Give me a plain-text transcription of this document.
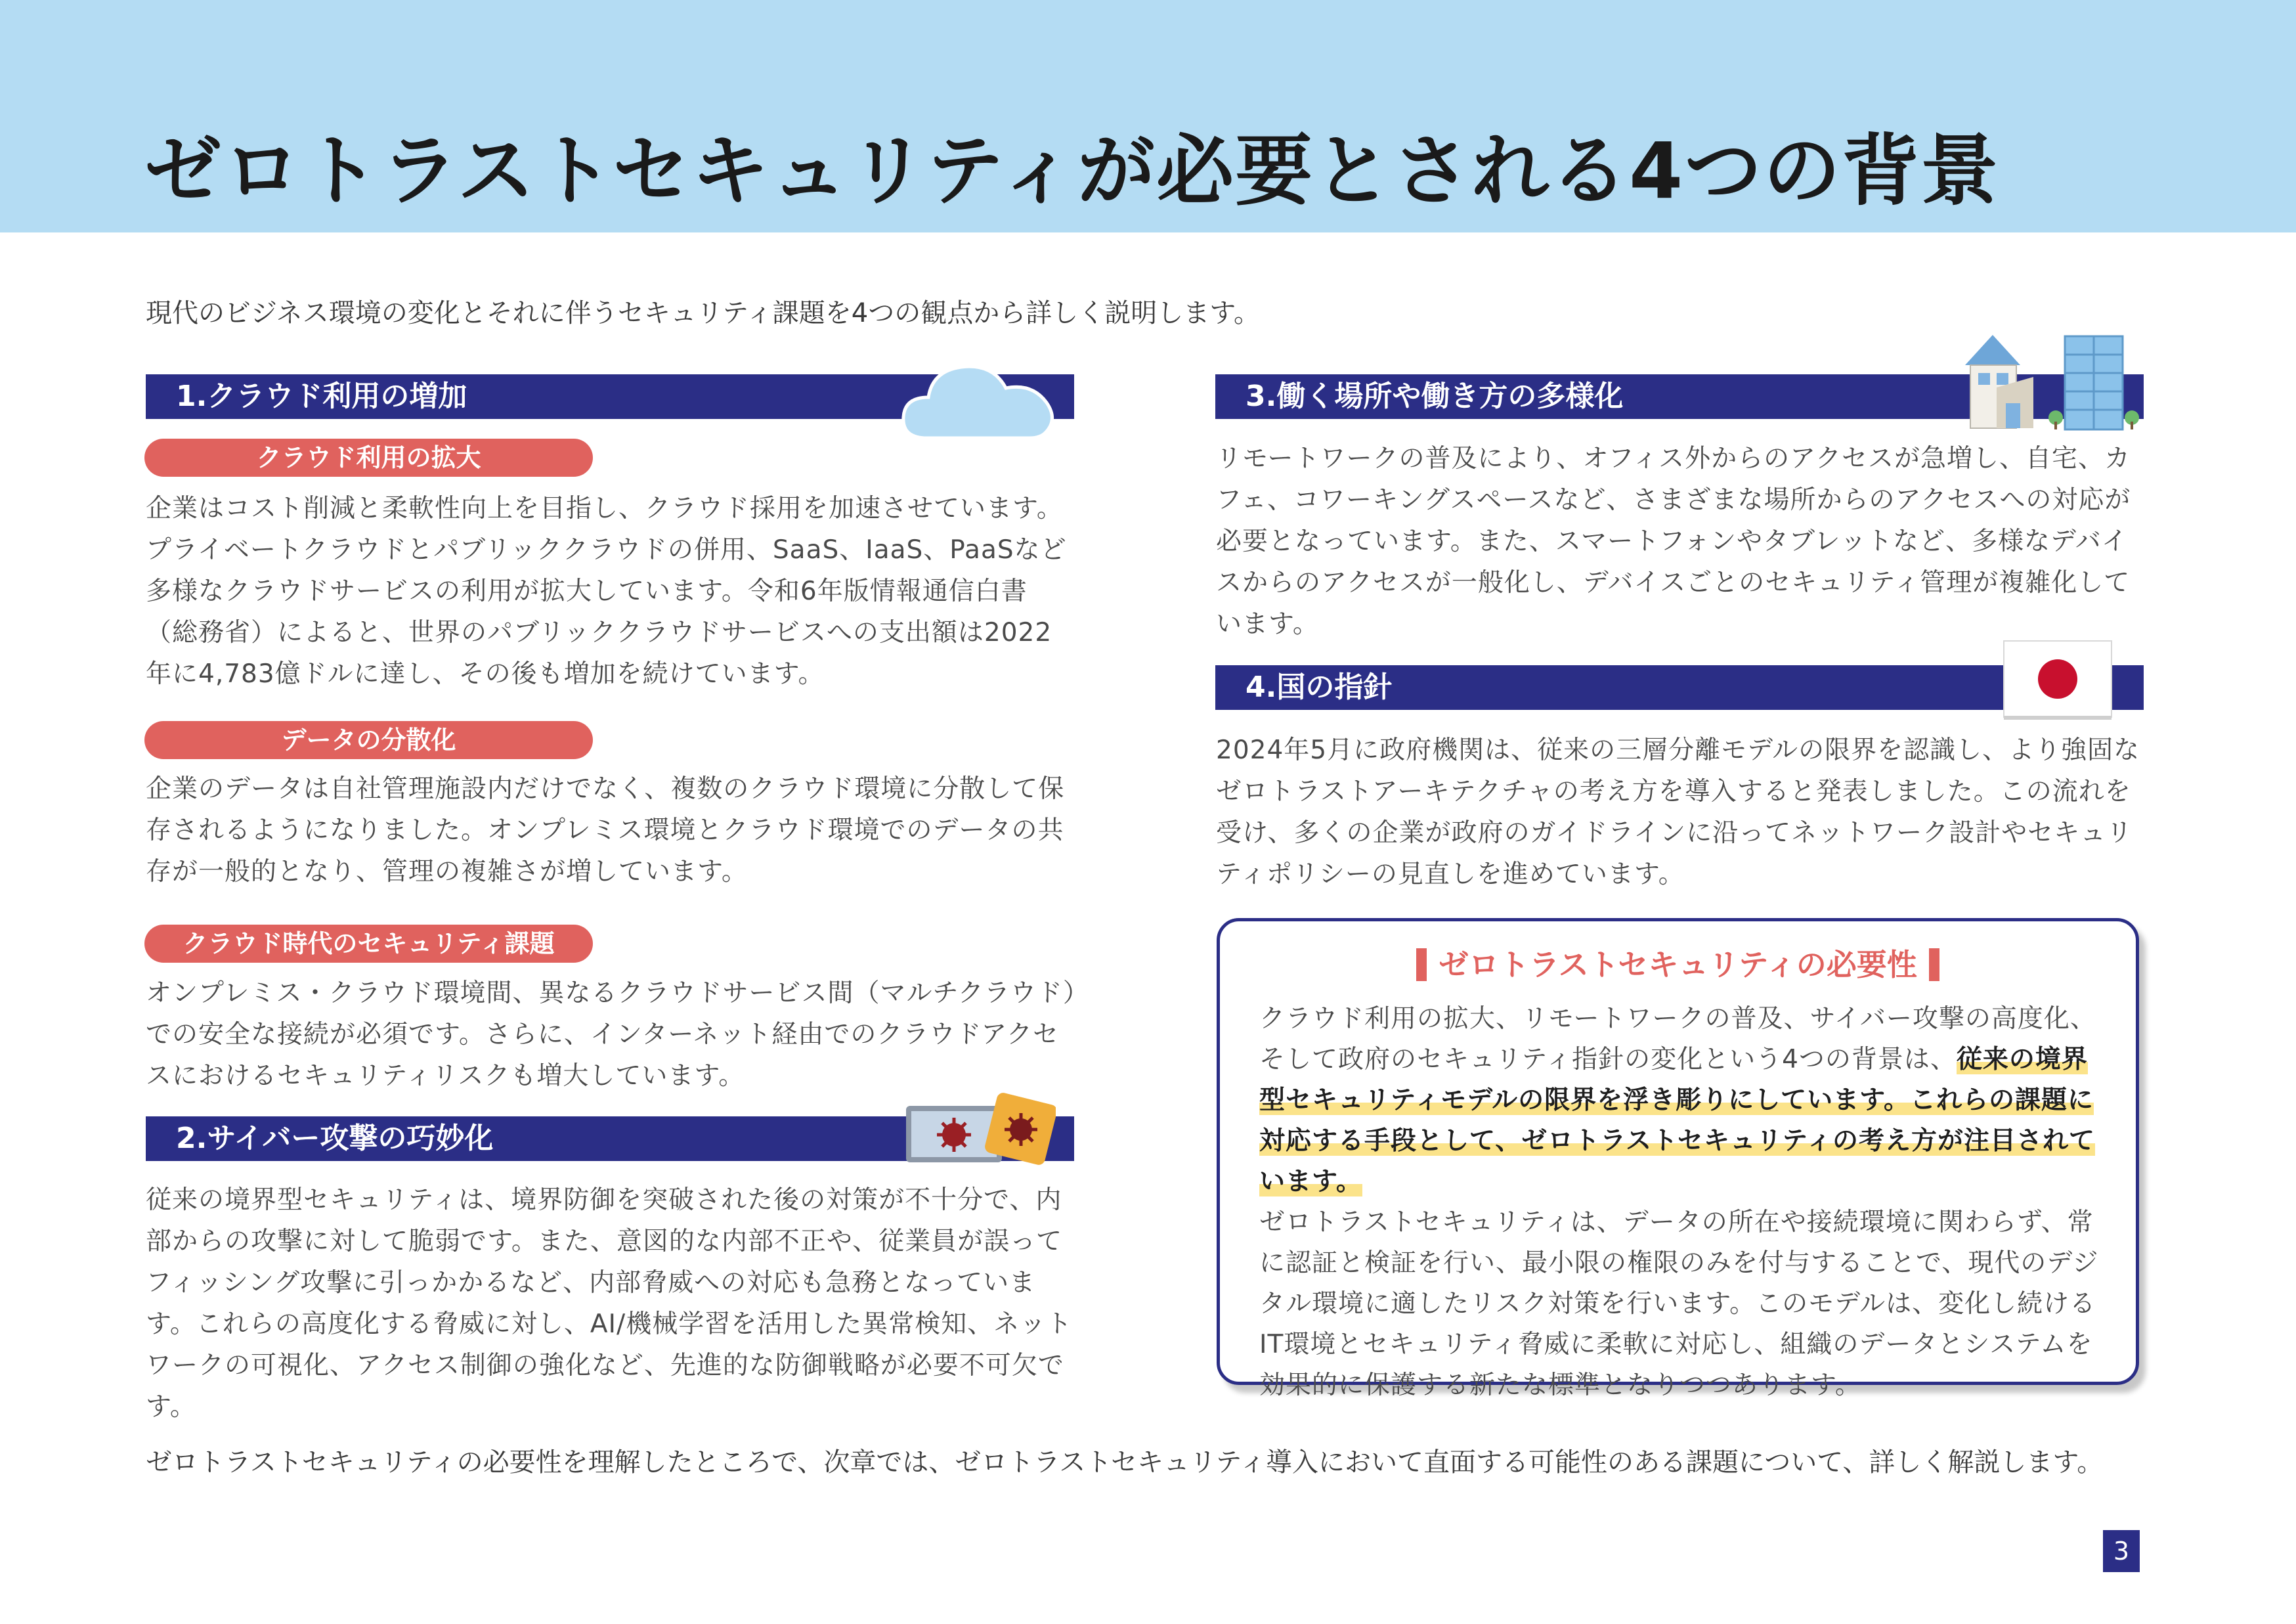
ゼロトラストセキュリティが必要とされる4つの背景
現代のビジネス環境の変化とそれに伴うセキュリティ課題を4つの観点から詳しく説明します。
1.クラウド利用の増加
クラウド利用の拡大
企業はコスト削減と柔軟性向上を目指し、クラウド採用を加速させています。プライベートクラウドとパブリッククラウドの併用、SaaS、IaaS、PaaSなど多様なクラウドサービスの利用が拡大しています。令和6年版情報通信白書（総務省）によると、世界のパブリッククラウドサービスへの支出額は2022年に4,783億ドルに達し、その後も増加を続けています。
データの分散化
企業のデータは自社管理施設内だけでなく、複数のクラウド環境に分散して保存されるようになりました。オンプレミス環境とクラウド環境でのデータの共存が一般的となり、管理の複雑さが増しています。
クラウド時代のセキュリティ課題
オンプレミス・クラウド環境間、異なるクラウドサービス間（マルチクラウド）での安全な接続が必須です。さらに、インターネット経由でのクラウドアクセスにおけるセキュリティリスクも増大しています。
2.サイバー攻撃の巧妙化
従来の境界型セキュリティは、境界防御を突破された後の対策が不十分で、内部からの攻撃に対して脆弱です。また、意図的な内部不正や、従業員が誤ってフィッシング攻撃に引っかかるなど、内部脅威への対応も急務となっています。これらの高度化する脅威に対し、AI/機械学習を活用した異常検知、ネットワークの可視化、アクセス制御の強化など、先進的な防御戦略が必要不可欠です。
3.働く場所や働き方の多様化
リモートワークの普及により、オフィス外からのアクセスが急増し、自宅、カフェ、コワーキングスペースなど、さまざまな場所からのアクセスへの対応が必要となっています。また、スマートフォンやタブレットなど、多様なデバイスからのアクセスが一般化し、デバイスごとのセキュリティ管理が複雑化しています。
4.国の指針
2024年5月に政府機関は、従来の三層分離モデルの限界を認識し、より強固なゼロトラストアーキテクチャの考え方を導入すると発表しました。この流れを受け、多くの企業が政府のガイドラインに沿ってネットワーク設計やセキュリティポリシーの見直しを進めています。
ゼロトラストセキュリティの必要性
クラウド利用の拡大、リモートワークの普及、サイバー攻撃の高度化、そして政府のセキュリティ指針の変化という4つの背景は、従来の境界型セキュリティモデルの限界を浮き彫りにしています。これらの課題に対応する手段として、ゼロトラストセキュリティの考え方が注目されています。
ゼロトラストセキュリティは、データの所在や接続環境に関わらず、常に認証と検証を行い、最小限の権限のみを付与することで、現代のデジタル環境に適したリスク対策を行います。このモデルは、変化し続けるIT環境とセキュリティ脅威に柔軟に対応し、組織のデータとシステムを効果的に保護する新たな標準となりつつあります。
ゼロトラストセキュリティの必要性を理解したところで、次章では、ゼロトラストセキュリティ導入において直面する可能性のある課題について、詳しく解説します。
3
